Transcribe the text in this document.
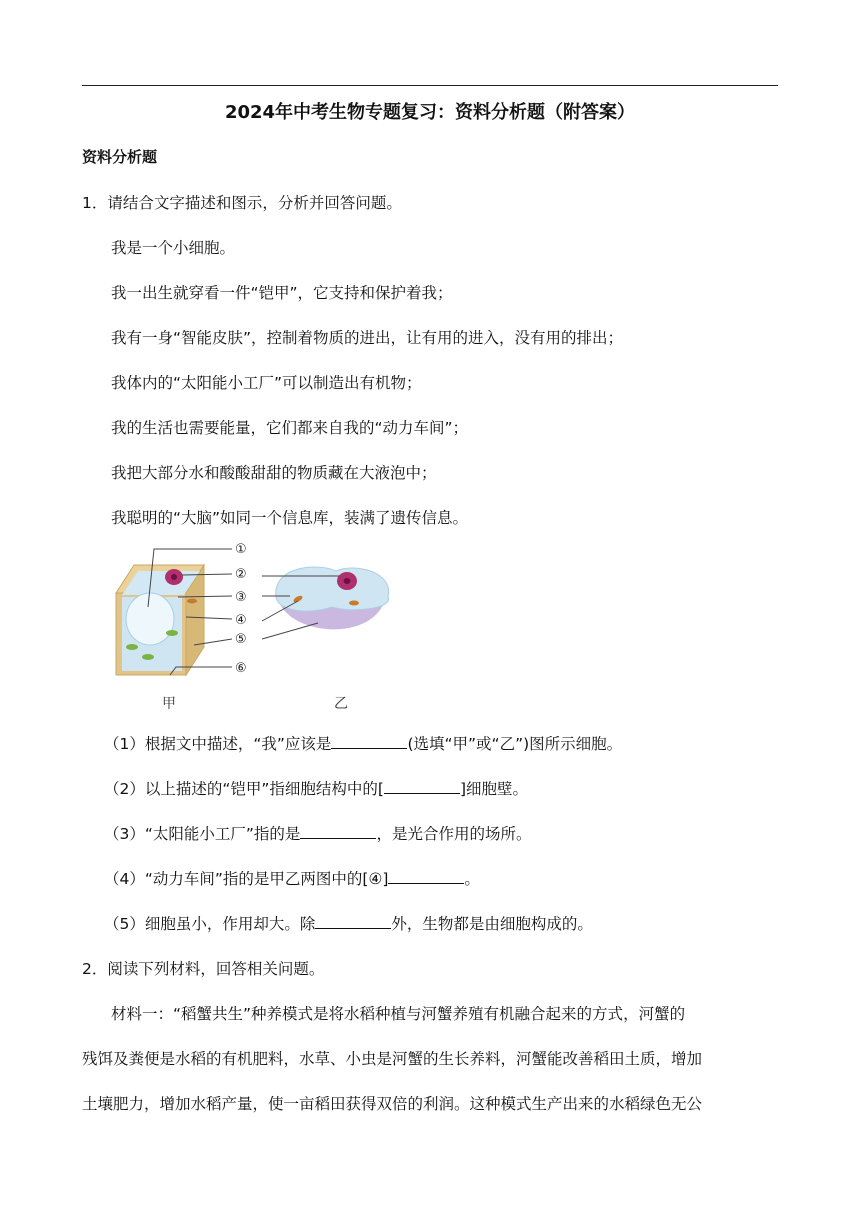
2024年中考生物专题复习：资料分析题（附答案）
资料分析题
1．请结合文字描述和图示，分析并回答问题。
我是一个小细胞。
我一出生就穿看一件“铠甲”，它支持和保护着我；
我有一身“智能皮肤”，控制着物质的进出，让有用的进入，没有用的排出；
我体内的“太阳能小工厂”可以制造出有机物；
我的生活也需要能量，它们都来自我的“动力车间”；
我把大部分水和酸酸甜甜的物质藏在大液泡中；
我聪明的“大脑”如同一个信息库，装满了遗传信息。
①
②
③
④
⑤
⑥
甲	乙
（1）根据文中描述，“我”应该是	(选填“甲”或“乙”)图所示细胞。
（2）以上描述的“铠甲”指细胞结构中的[	]细胞壁。
（3）“太阳能小工厂”指的是	，是光合作用的场所。
（4）“动力车间”指的是甲乙两图中的[④]	。
（5）细胞虽小，作用却大。除	外，生物都是由细胞构成的。
2．阅读下列材料，回答相关问题。
材料一：“稻蟹共生”种养模式是将水稻种植与河蟹养殖有机融合起来的方式，河蟹的
残饵及粪便是水稻的有机肥料，水草、小虫是河蟹的生长养料，河蟹能改善稻田土质，增加
土壤肥力，增加水稻产量，使一亩稻田获得双倍的利润。这种模式生产出来的水稻绿色无公
